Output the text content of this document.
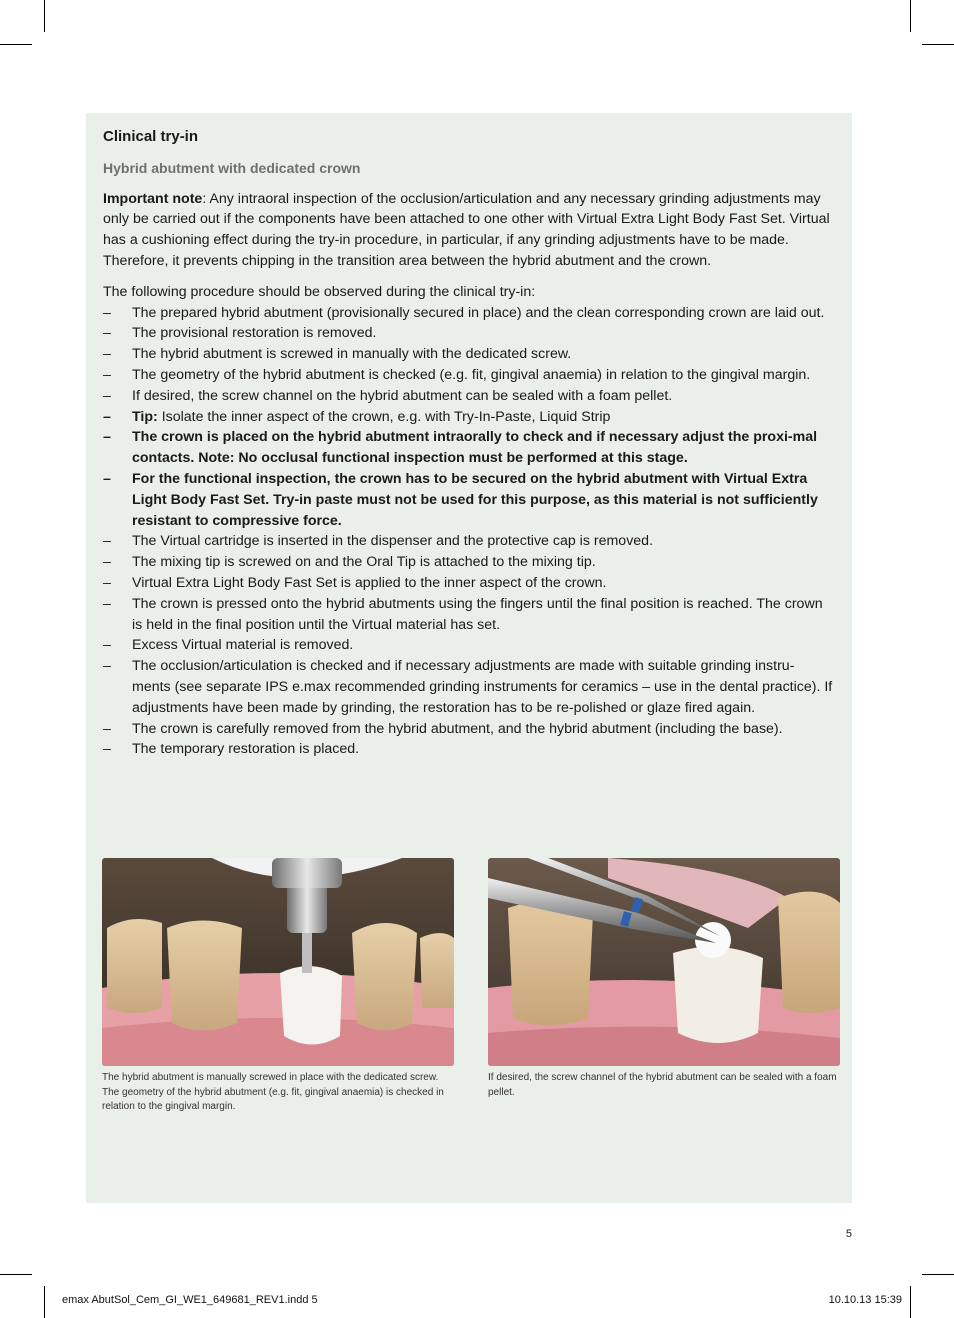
Clinical try-in
Hybrid abutment with dedicated crown

Important note: Any intraoral inspection of the occlusion/articulation and any necessary grinding adjustments may only be carried out if the components have been attached to one other with Virtual Extra Light Body Fast Set. Virtual has a cushioning effect during the try-in procedure, in particular, if any grinding adjustments have to be made. Therefore, it prevents chipping in the transition area between the hybrid abutment and the crown.

The following procedure should be observed during the clinical try-in:
– The prepared hybrid abutment (provisionally secured in place) and the clean corresponding crown are laid out.
– The provisional restoration is removed.
– The hybrid abutment is screwed in manually with the dedicated screw.
– The geometry of the hybrid abutment is checked (e.g. fit, gingival anaemia) in relation to the gingival margin.
– If desired, the screw channel on the hybrid abutment can be sealed with a foam pellet.
– Tip: Isolate the inner aspect of the crown, e.g. with Try-In-Paste, Liquid Strip
– The crown is placed on the hybrid abutment intraorally to check and if necessary adjust the proxi-mal contacts. Note: No occlusal functional inspection must be performed at this stage.
– For the functional inspection, the crown has to be secured on the hybrid abutment with Virtual Extra Light Body Fast Set. Try-in paste must not be used for this purpose, as this material is not sufficiently resistant to compressive force.
– The Virtual cartridge is inserted in the dispenser and the protective cap is removed.
– The mixing tip is screwed on and the Oral Tip is attached to the mixing tip.
– Virtual Extra Light Body Fast Set is applied to the inner aspect of the crown.
– The crown is pressed onto the hybrid abutments using the fingers until the final position is reached. The crown is held in the final position until the Virtual material has set.
– Excess Virtual material is removed.
– The occlusion/articulation is checked and if necessary adjustments are made with suitable grinding instru-ments (see separate IPS e.max recommended grinding instruments for ceramics – use in the dental practice). If adjustments have been made by grinding, the restoration has to be re-polished or glaze fired again.
– The crown is carefully removed from the hybrid abutment, and the hybrid abutment (including the base).
– The temporary restoration is placed.
The hybrid abutment is manually screwed in place with the dedicated screw. The geometry of the hybrid abutment (e.g. fit, gingival anaemia) is checked in relation to the gingival margin.
If desired, the screw channel of the hybrid abutment can be sealed with a foam pellet.
5
emax AbutSol_Cem_GI_WE1_649681_REV1.indd 5	10.10.13 15:39
